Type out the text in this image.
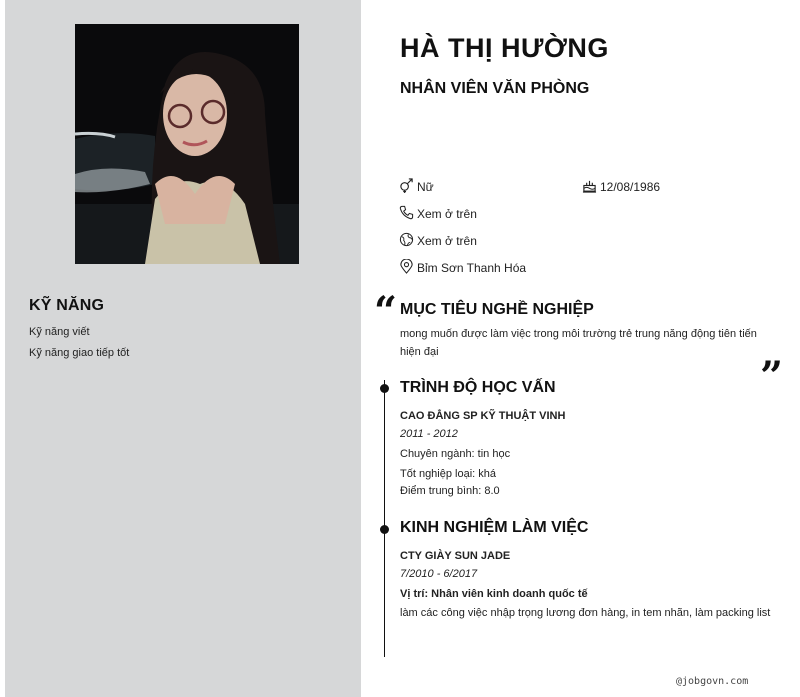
KỸ NĂNG
Kỹ năng viết
Kỹ năng giao tiếp tốt
HÀ THỊ HƯỜNG
NHÂN VIÊN VĂN PHÒNG
Nữ	12/08/1986
Xem ở trên
Xem ở trên
Bỉm Sơn Thanh Hóa
“ MỤC TIÊU NGHỀ NGHIỆP
mong muốn được làm việc trong môi trường trẻ trung năng động tiên tiến hiện đại
”
TRÌNH ĐỘ HỌC VẤN
CAO ĐẲNG SP KỸ THUẬT VINH
2011 - 2012
Chuyên ngành: tin học
Tốt nghiệp loại: khá
Điểm trung bình: 8.0
KINH NGHIỆM LÀM VIỆC
CTY GIÀY SUN JADE
7/2010 - 6/2017
Vị trí: Nhân viên kinh doanh quốc tế
làm các công việc nhập trọng lương đơn hàng, in tem nhãn, làm packing list
@jobgovn.com
